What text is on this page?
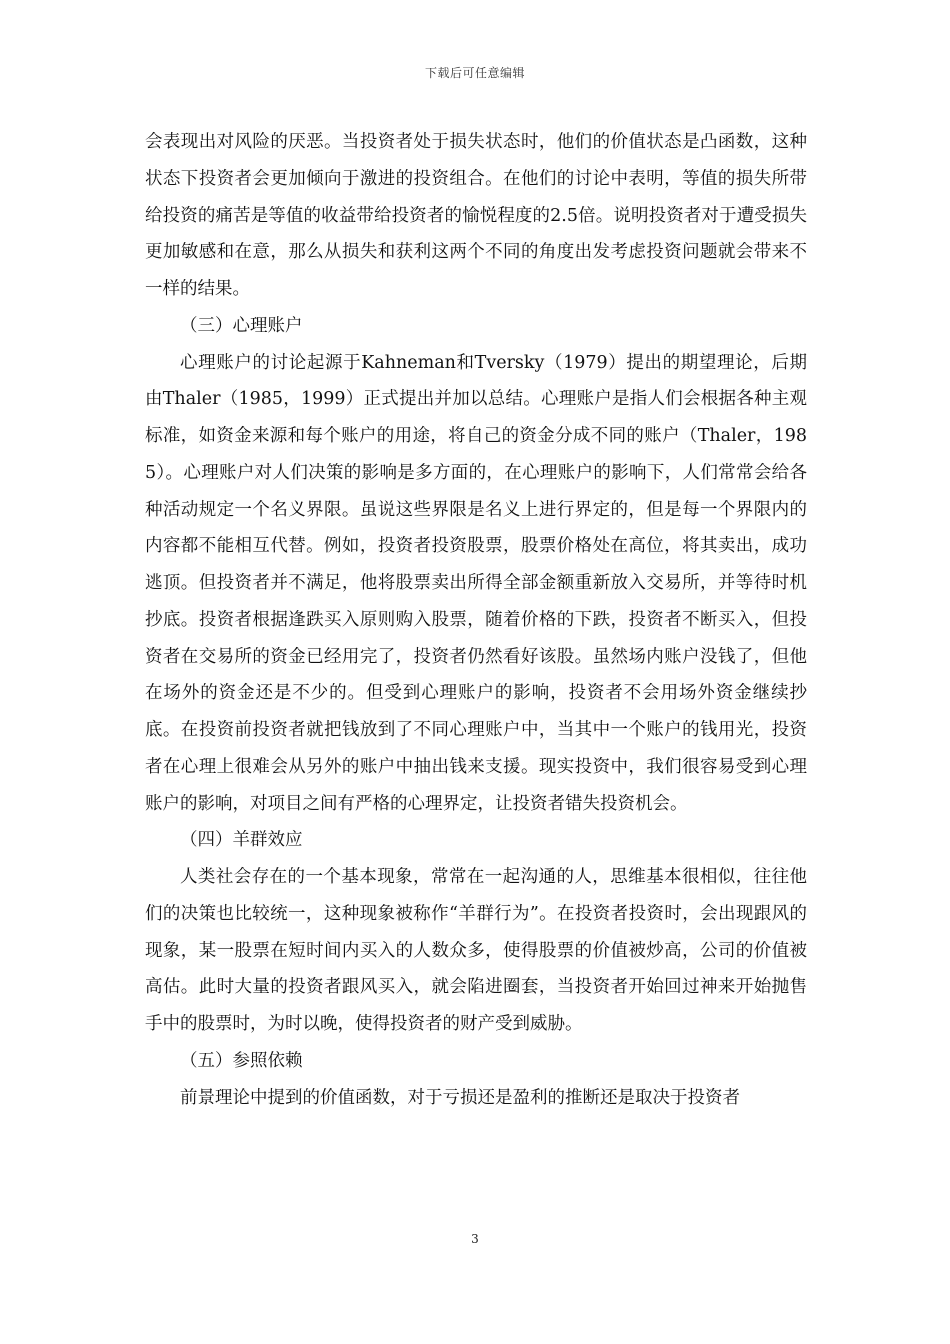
下载后可任意编辑

会表现出对风险的厌恶。当投资者处于损失状态时，他们的价值状态是凸函数，这种状态下投资者会更加倾向于激进的投资组合。在他们的讨论中表明，等值的损失所带给投资的痛苦是等值的收益带给投资者的愉悦程度的2.5倍。说明投资者对于遭受损失更加敏感和在意，那么从损失和获利这两个不同的角度出发考虑投资问题就会带来不一样的结果。

（三）心理账户

心理账户的讨论起源于Kahneman和Tversky（1979）提出的期望理论，后期由Thaler（1985，1999）正式提出并加以总结。心理账户是指人们会根据各种主观标准，如资金来源和每个账户的用途，将自己的资金分成不同的账户（Thaler，1985）。心理账户对人们决策的影响是多方面的，在心理账户的影响下，人们常常会给各种活动规定一个名义界限。虽说这些界限是名义上进行界定的，但是每一个界限内的内容都不能相互代替。例如，投资者投资股票，股票价格处在高位，将其卖出，成功逃顶。但投资者并不满足，他将股票卖出所得全部金额重新放入交易所，并等待时机抄底。投资者根据逢跌买入原则购入股票，随着价格的下跌，投资者不断买入，但投资者在交易所的资金已经用完了，投资者仍然看好该股。虽然场内账户没钱了，但他在场外的资金还是不少的。但受到心理账户的影响，投资者不会用场外资金继续抄底。在投资前投资者就把钱放到了不同心理账户中，当其中一个账户的钱用光，投资者在心理上很难会从另外的账户中抽出钱来支援。现实投资中，我们很容易受到心理账户的影响，对项目之间有严格的心理界定，让投资者错失投资机会。

（四）羊群效应

人类社会存在的一个基本现象，常常在一起沟通的人，思维基本很相似，往往他们的决策也比较统一，这种现象被称作“羊群行为”。在投资者投资时，会出现跟风的现象，某一股票在短时间内买入的人数众多，使得股票的价值被炒高，公司的价值被高估。此时大量的投资者跟风买入，就会陷进圈套，当投资者开始回过神来开始抛售手中的股票时，为时以晚，使得投资者的财产受到威胁。

（五）参照依赖

前景理论中提到的价值函数，对于亏损还是盈利的推断还是取决于投资者

3
